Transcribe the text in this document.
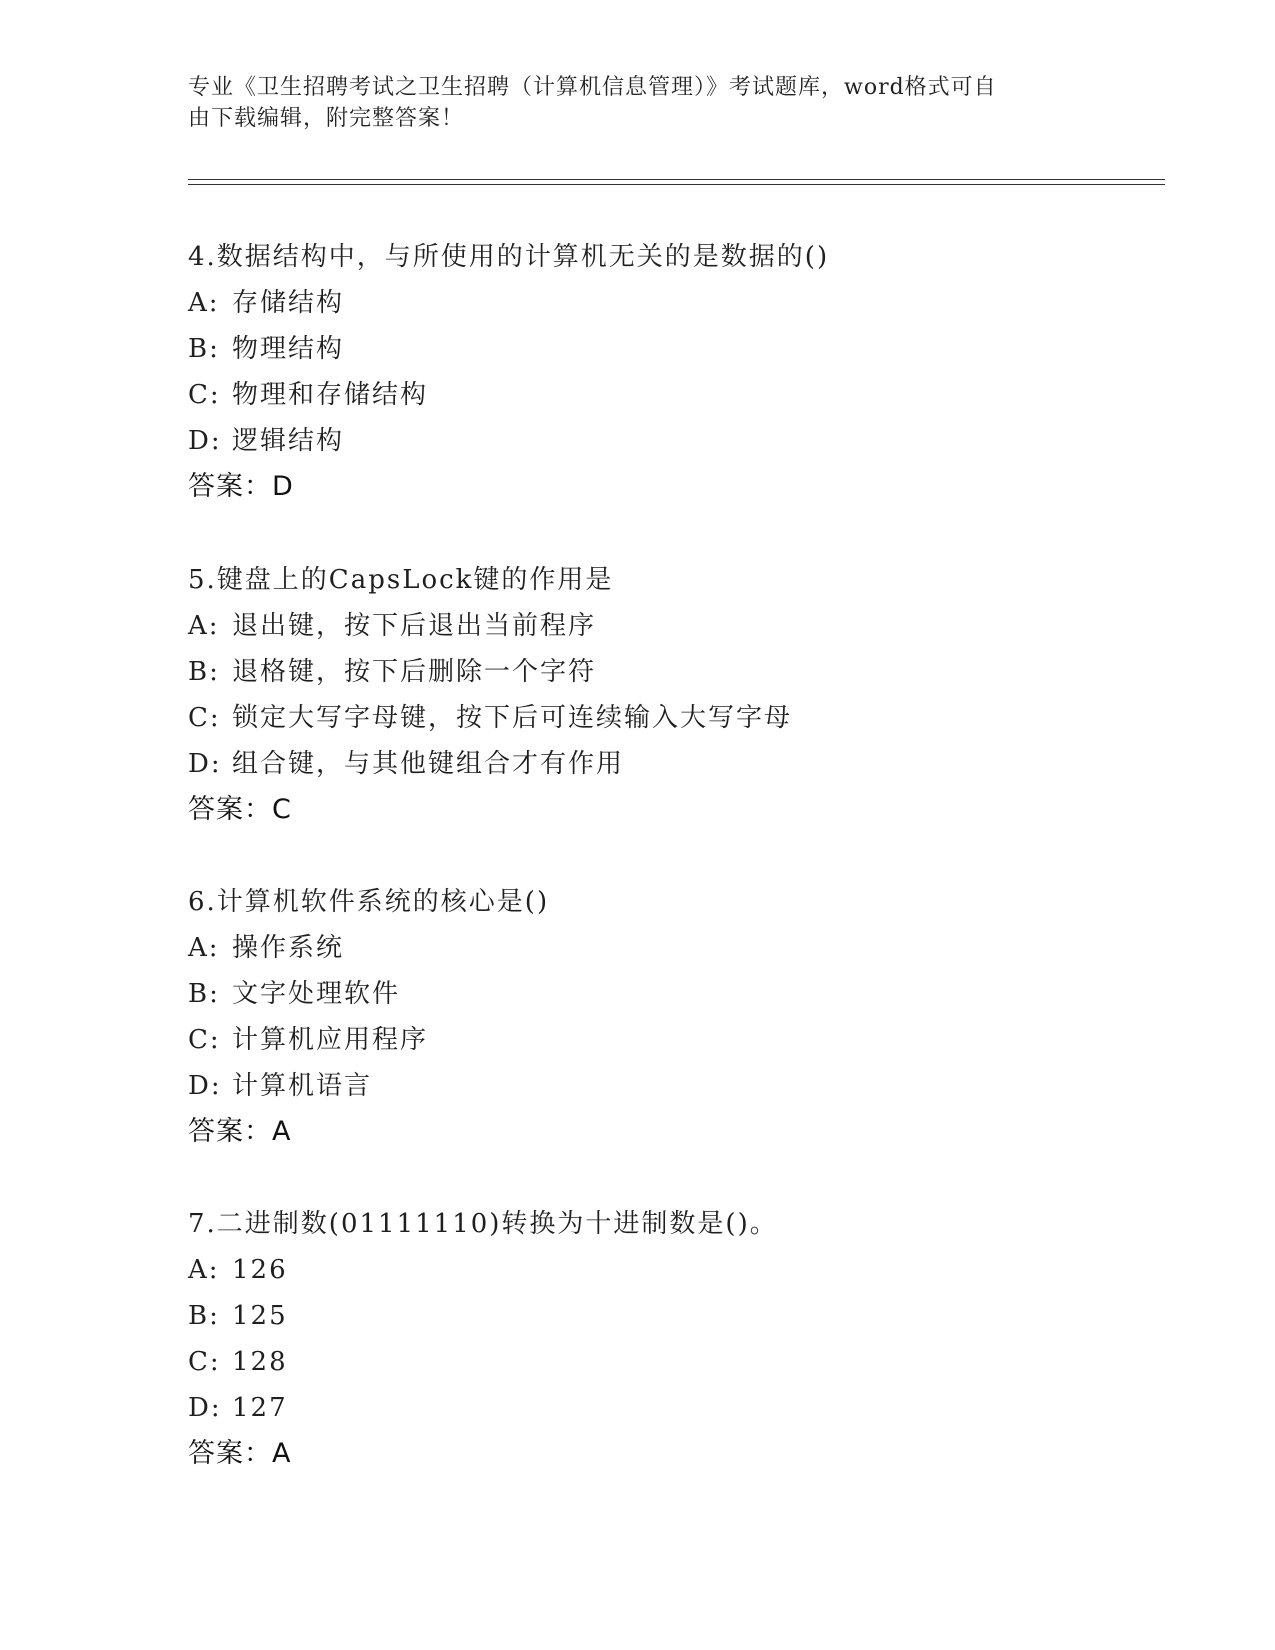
专业《卫生招聘考试之卫生招聘（计算机信息管理）》考试题库，word格式可自
由下载编辑，附完整答案！
4.数据结构中，与所使用的计算机无关的是数据的()
A: 存储结构
B: 物理结构
C: 物理和存储结构
D: 逻辑结构
答案：D
5.键盘上的CapsLock键的作用是
A: 退出键，按下后退出当前程序
B: 退格键，按下后删除一个字符
C: 锁定大写字母键，按下后可连续输入大写字母
D: 组合键，与其他键组合才有作用
答案：C
6.计算机软件系统的核心是()
A: 操作系统
B: 文字处理软件
C: 计算机应用程序
D: 计算机语言
答案：A
7.二进制数(01111110)转换为十进制数是()。
A: 126
B: 125
C: 128
D: 127
答案：A
